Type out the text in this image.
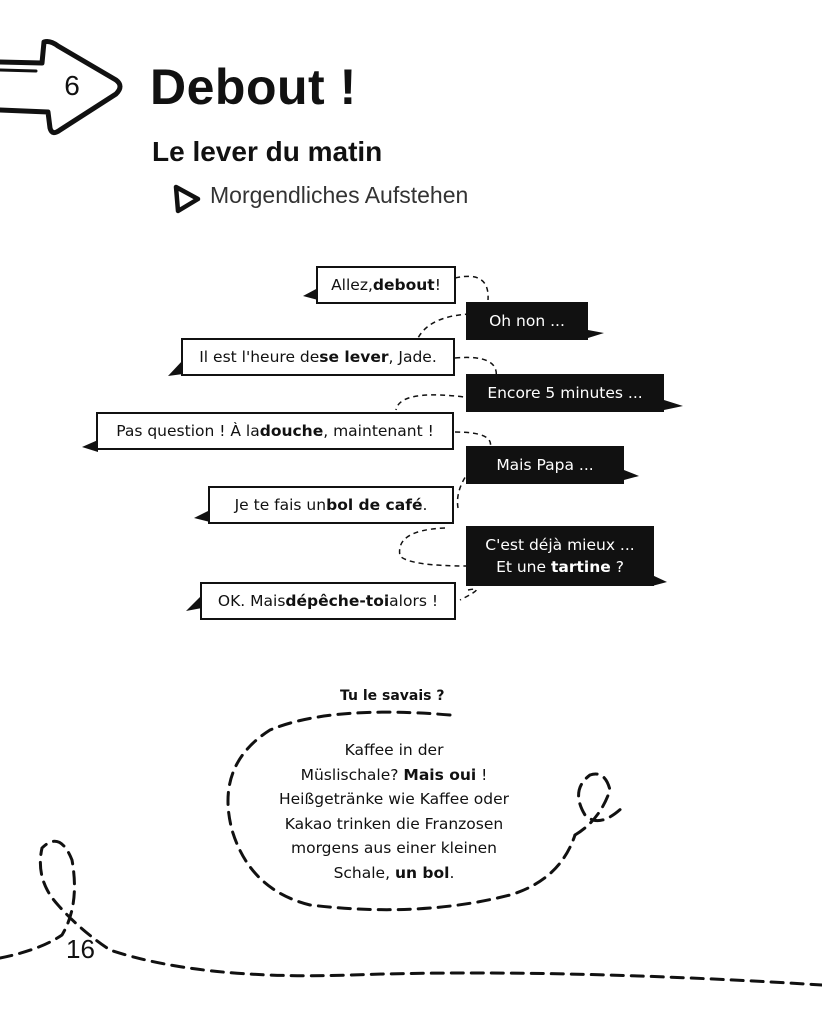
6 Debout !
Le lever du matin
Morgendliches Aufstehen
Allez, debout !
Oh non ...
Il est l'heure de se lever , Jade.
Encore 5 minutes ...
Pas question ! À la douche , maintenant !
Mais Papa ...
Je te fais un bol de café .
C'est déjà mieux ...
Et une tartine ?
OK. Mais dépêche-toi alors !
Tu le savais ?
Kaffee in der
Müslischale? Mais oui !
Heißgetränke wie Kaffee oder
Kakao trinken die Franzosen
morgens aus einer kleinen
Schale, un bol.
16
